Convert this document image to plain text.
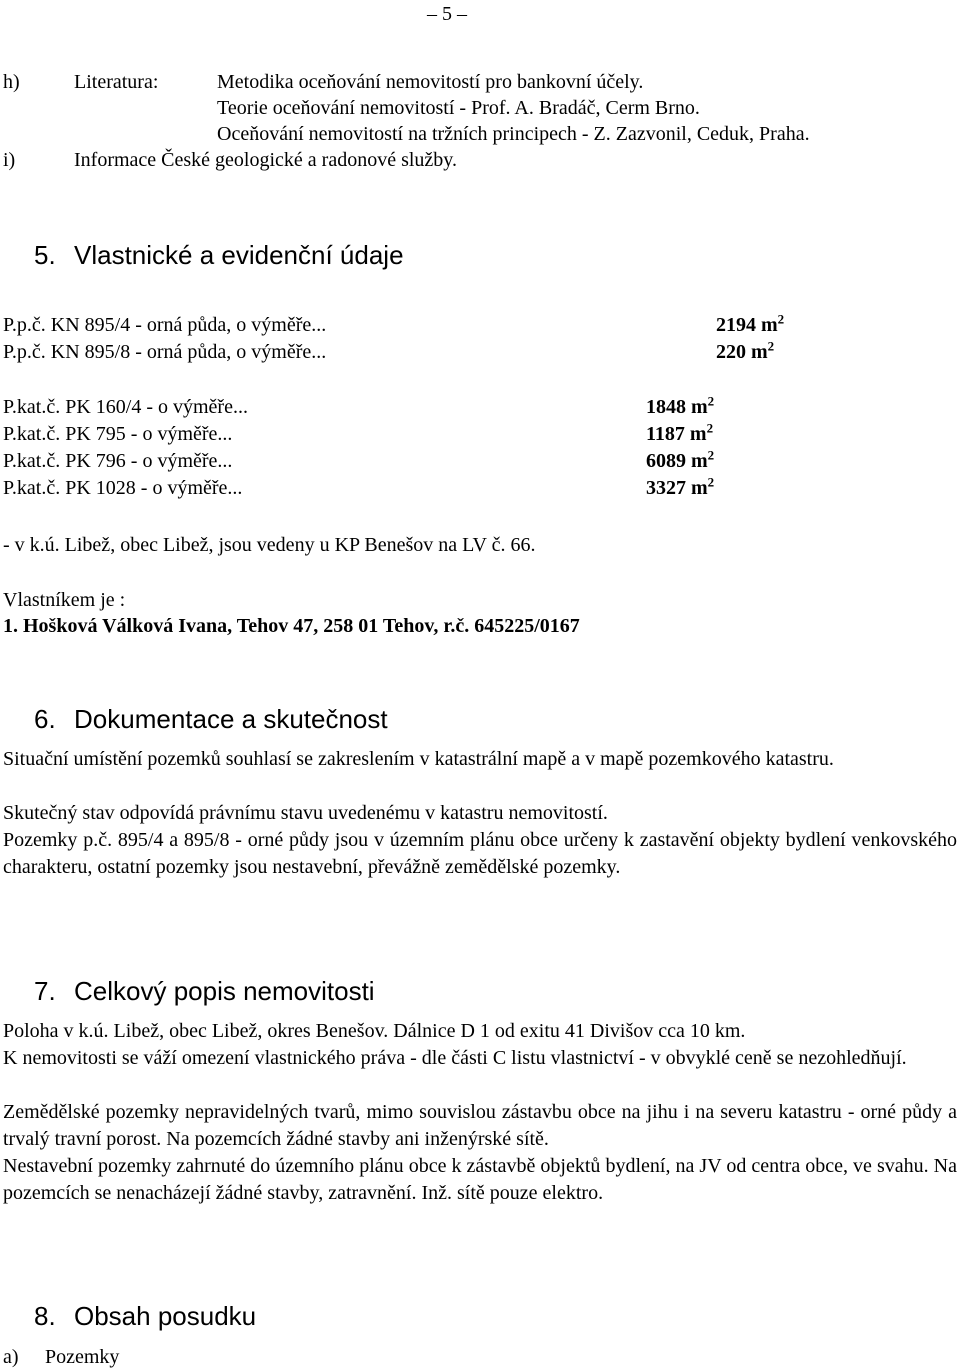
– 5 –
h)	Literatura:	Metodika oceňování nemovitostí pro bankovní účely.
Teorie oceňování nemovitostí - Prof. A. Bradáč, Cerm Brno.
Oceňování nemovitostí na tržních principech - Z. Zazvonil, Ceduk, Praha.
i)	Informace České geologické a radonové služby.
5. Vlastnické a evidenční údaje
P.p.č. KN 895/4 - orná půda, o výměře...	2194 $m^2$
P.p.č. KN 895/8 - orná půda, o výměře...	220 $m^2$
P.kat.č. PK 160/4 - o výměře...	1848 $m^2$
P.kat.č. PK 795 - o výměře...	1187 $m^2$
P.kat.č. PK 796 - o výměře...	6089 $m^2$
P.kat.č. PK 1028 - o výměře...	3327 $m^2$
- v k.ú. Libež, obec Libež, jsou vedeny u KP Benešov na LV č. 66.
Vlastníkem je :
1. Hošková Válková Ivana, Tehov 47, 258 01 Tehov, r.č. 645225/0167
6. Dokumentace a skutečnost
Situační umístění pozemků souhlasí se zakreslením v katastrální mapě a v mapě pozemkového katastru.
Skutečný stav odpovídá právnímu stavu uvedenému v katastru nemovitostí.
Pozemky p.č. 895/4 a 895/8 - orné půdy jsou v územním plánu obce určeny k zastavění objekty bydlení venkovského charakteru, ostatní pozemky jsou nestavební, převážně zemědělské pozemky.
7. Celkový popis nemovitosti
Poloha v k.ú. Libež, obec Libež, okres Benešov. Dálnice D 1 od exitu 41 Divišov cca 10 km.
K nemovitosti se váží omezení vlastnického práva - dle části C listu vlastnictví - v obvyklé ceně se nezohledňují.
Zemědělské pozemky nepravidelných tvarů, mimo souvislou zástavbu obce na jihu i na severu katastru - orné půdy a trvalý travní porost. Na pozemcích žádné stavby ani inženýrské sítě.
Nestavební pozemky zahrnuté do územního plánu obce k zástavbě objektů bydlení, na JV od centra obce, ve svahu. Na pozemcích se nenacházejí žádné stavby, zatravnění. Inž. sítě pouze elektro.
8. Obsah posudku
a) Pozemky
